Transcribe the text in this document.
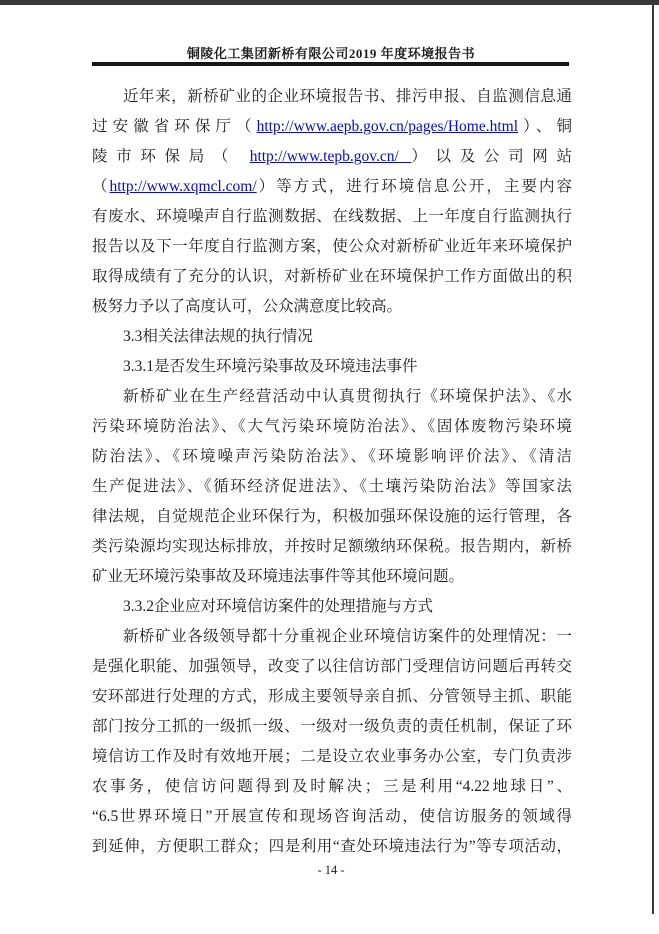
铜陵化工集团新桥有限公司2019 年度环境报告书
近年来，新桥矿业的企业环境报告书、排污申报、自监测信息通
过安徽省环保厅（http://www.aepb.gov.cn/pages/Home.html）、铜
陵市环保局（ http://www.tepb.gov.cn/ ）以及公司网站
（http://www.xqmcl.com/）等方式，进行环境信息公开，主要内容
有废水、环境噪声自行监测数据、在线数据、上一年度自行监测执行
报告以及下一年度自行监测方案，使公众对新桥矿业近年来环境保护
取得成绩有了充分的认识，对新桥矿业在环境保护工作方面做出的积
极努力予以了高度认可，公众满意度比较高。
3.3相关法律法规的执行情况
3.3.1是否发生环境污染事故及环境违法事件
新桥矿业在生产经营活动中认真贯彻执行《环境保护法》、《水
污染环境防治法》、《大气污染环境防治法》、《固体废物污染环境
防治法》、《环境噪声污染防治法》、《环境影响评价法》、《清洁
生产促进法》、《循环经济促进法》、《土壤污染防治法》等国家法
律法规，自觉规范企业环保行为，积极加强环保设施的运行管理，各
类污染源均实现达标排放，并按时足额缴纳环保税。报告期内，新桥
矿业无环境污染事故及环境违法事件等其他环境问题。
3.3.2企业应对环境信访案件的处理措施与方式
新桥矿业各级领导都十分重视企业环境信访案件的处理情况：一
是强化职能、加强领导，改变了以往信访部门受理信访问题后再转交
安环部进行处理的方式，形成主要领导亲自抓、分管领导主抓、职能
部门按分工抓的一级抓一级、一级对一级负责的责任机制，保证了环
境信访工作及时有效地开展；二是设立农业事务办公室，专门负责涉
农事务，使信访问题得到及时解决；三是利用“4.22地球日”、
“6.5世界环境日”开展宣传和现场咨询活动，使信访服务的领域得
到延伸，方便职工群众；四是利用“查处环境违法行为”等专项活动，
- 14 -
